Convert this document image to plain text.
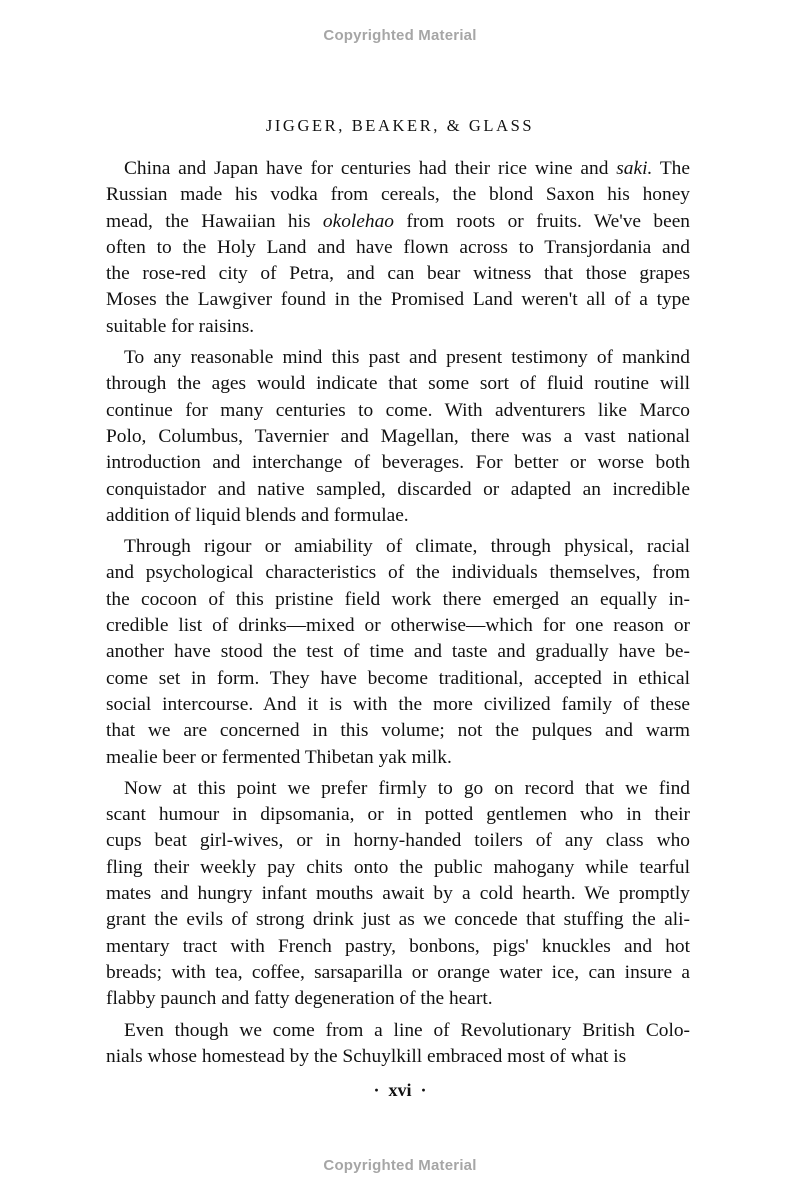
Copyrighted Material
JIGGER, BEAKER, & GLASS

China and Japan have for centuries had their rice wine and saki. The
Russian made his vodka from cereals, the blond Saxon his honey
mead, the Hawaiian his okolehao from roots or fruits. We've been
often to the Holy Land and have flown across to Transjordania and
the rose-red city of Petra, and can bear witness that those grapes
Moses the Lawgiver found in the Promised Land weren't all of a type
suitable for raisins.

To any reasonable mind this past and present testimony of mankind
through the ages would indicate that some sort of fluid routine will
continue for many centuries to come. With adventurers like Marco
Polo, Columbus, Tavernier and Magellan, there was a vast national
introduction and interchange of beverages. For better or worse both
conquistador and native sampled, discarded or adapted an incredible
addition of liquid blends and formulae.

Through rigour or amiability of climate, through physical, racial
and psychological characteristics of the individuals themselves, from
the cocoon of this pristine field work there emerged an equally in-
credible list of drinks—mixed or otherwise—which for one reason or
another have stood the test of time and taste and gradually have be-
come set in form. They have become traditional, accepted in ethical
social intercourse. And it is with the more civilized family of these
that we are concerned in this volume; not the pulques and warm
mealie beer or fermented Thibetan yak milk.

Now at this point we prefer firmly to go on record that we find
scant humour in dipsomania, or in potted gentlemen who in their
cups beat girl-wives, or in horny-handed toilers of any class who
fling their weekly pay chits onto the public mahogany while tearful
mates and hungry infant mouths await by a cold hearth. We promptly
grant the evils of strong drink just as we concede that stuffing the ali-
mentary tract with French pastry, bonbons, pigs' knuckles and hot
breads; with tea, coffee, sarsaparilla or orange water ice, can insure a
flabby paunch and fatty degeneration of the heart.

Even though we come from a line of Revolutionary British Colo-
nials whose homestead by the Schuylkill embraced most of what is

· xvi ·
Copyrighted Material
